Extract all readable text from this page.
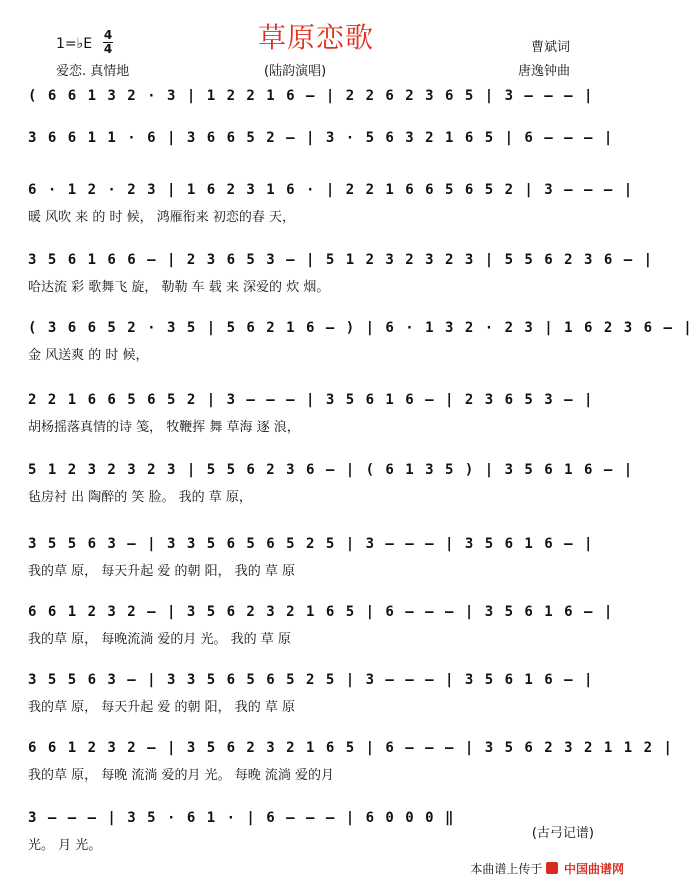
草原恋歌
1=♭E
4
4
爱恋. 真情地	(陆韵演唱)
曹斌词
唐逸钟曲
( 6 6 1 3 2 · 3 | 1 2 2 1 6 – | 2 2 6 2 3 6 5 | 3 – – – |
3 6 6 1 1 · 6 | 3 6 6 5 2 – | 3 · 5 6 3 2 1 6 5 | 6 – – – |
6 · 1 2 · 2 3 | 1 6 2 3 1 6 · | 2 2 1 6 6 5 6 5 2 | 3 – – – |
暖 风吹 来 的 时 候， 鸿雁衔来 初恋的春 天，
3 5 6 1 6 6 – | 2 3 6 5 3 – | 5 1 2 3 2 3 2 3 | 5 5 6 2 3 6 – |
哈达流 彩 歌舞飞 旋， 勒勒 车 载 来 深爱的 炊 烟。
( 3 6 6 5 2 · 3 5 | 5 6 2 1 6 – ) | 6 · 1 3 2 · 2 3 | 1 6 2 3 6 – |
金 风送爽 的 时 候，
2 2 1 6 6 5 6 5 2 | 3 – – – | 3 5 6 1 6 – | 2 3 6 5 3 – |
胡杨摇落真情的诗 笺， 牧鞭挥 舞 草海 逐 浪，
5 1 2 3 2 3 2 3 | 5 5 6 2 3 6 – | ( 6 1 3 5 ) | 3 5 6 1 6 – |
毡房衬 出 陶醉的 笑 脸。 我的 草 原，
3 5 5 6 3 – | 3 3 5 6 5 6 5 2 5 | 3 – – – | 3 5 6 1 6 – |
我的草 原， 每天升起 爱 的朝 阳， 我的 草 原
6 6 1 2 3 2 – | 3 5 6 2 3 2 1 6 5 | 6 – – – | 3 5 6 1 6 – |
我的草 原， 每晚流淌 爱的月 光。 我的 草 原
3 5 5 6 3 – | 3 3 5 6 5 6 5 2 5 | 3 – – – | 3 5 6 1 6 – |
我的草 原， 每天升起 爱 的朝 阳， 我的 草 原
6 6 1 2 3 2 – | 3 5 6 2 3 2 1 6 5 | 6 – – – | 3 5 6 2 3 2 1 1 2 |
我的草 原， 每晚 流淌 爱的月 光。 每晚 流淌 爱的月
3 – – – | 3 5 · 6 1 · | 6 – – – | 6 0 0 0 ‖
光。 月 光。
(古弓记谱)
本曲谱上传于 中国曲谱网
